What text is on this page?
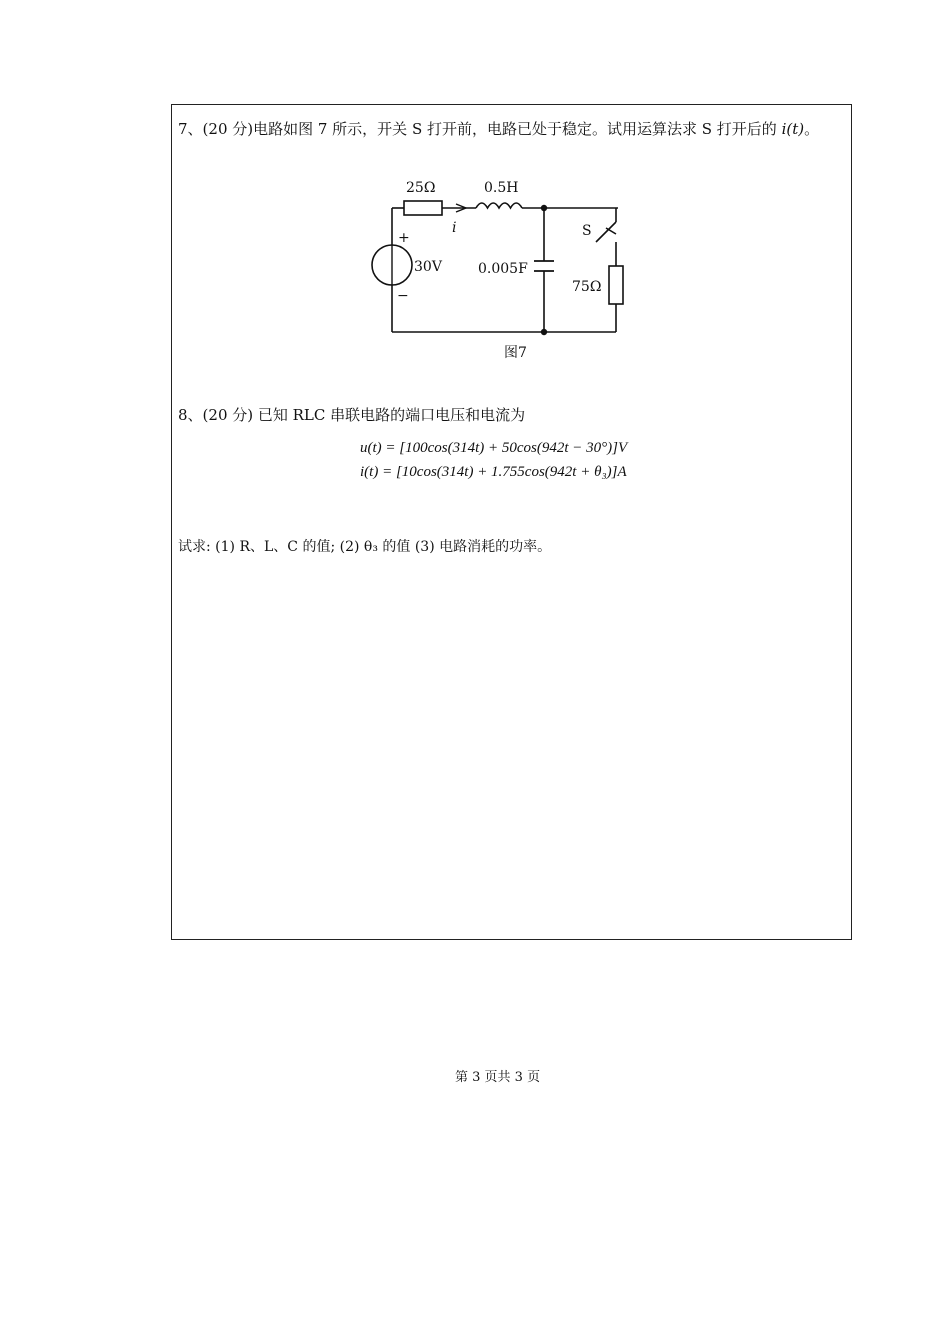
7、(20 分)电路如图 7 所示，开关 S 打开前，电路已处于稳定。试用运算法求 S 打开后的 i(t)。
25Ω	0.5H
i
+
−
30V	0.005F
S
75Ω
图7
8、(20 分) 已知 RLC 串联电路的端口电压和电流为
u(t) = [100cos(314t) + 50cos(942t − 30°)]V
i(t) = [10cos(314t) + 1.755cos(942t + θ₃)]A
试求: (1) R、L、C 的值; (2) θ₃ 的值 (3) 电路消耗的功率。
第 3 页共 3 页
